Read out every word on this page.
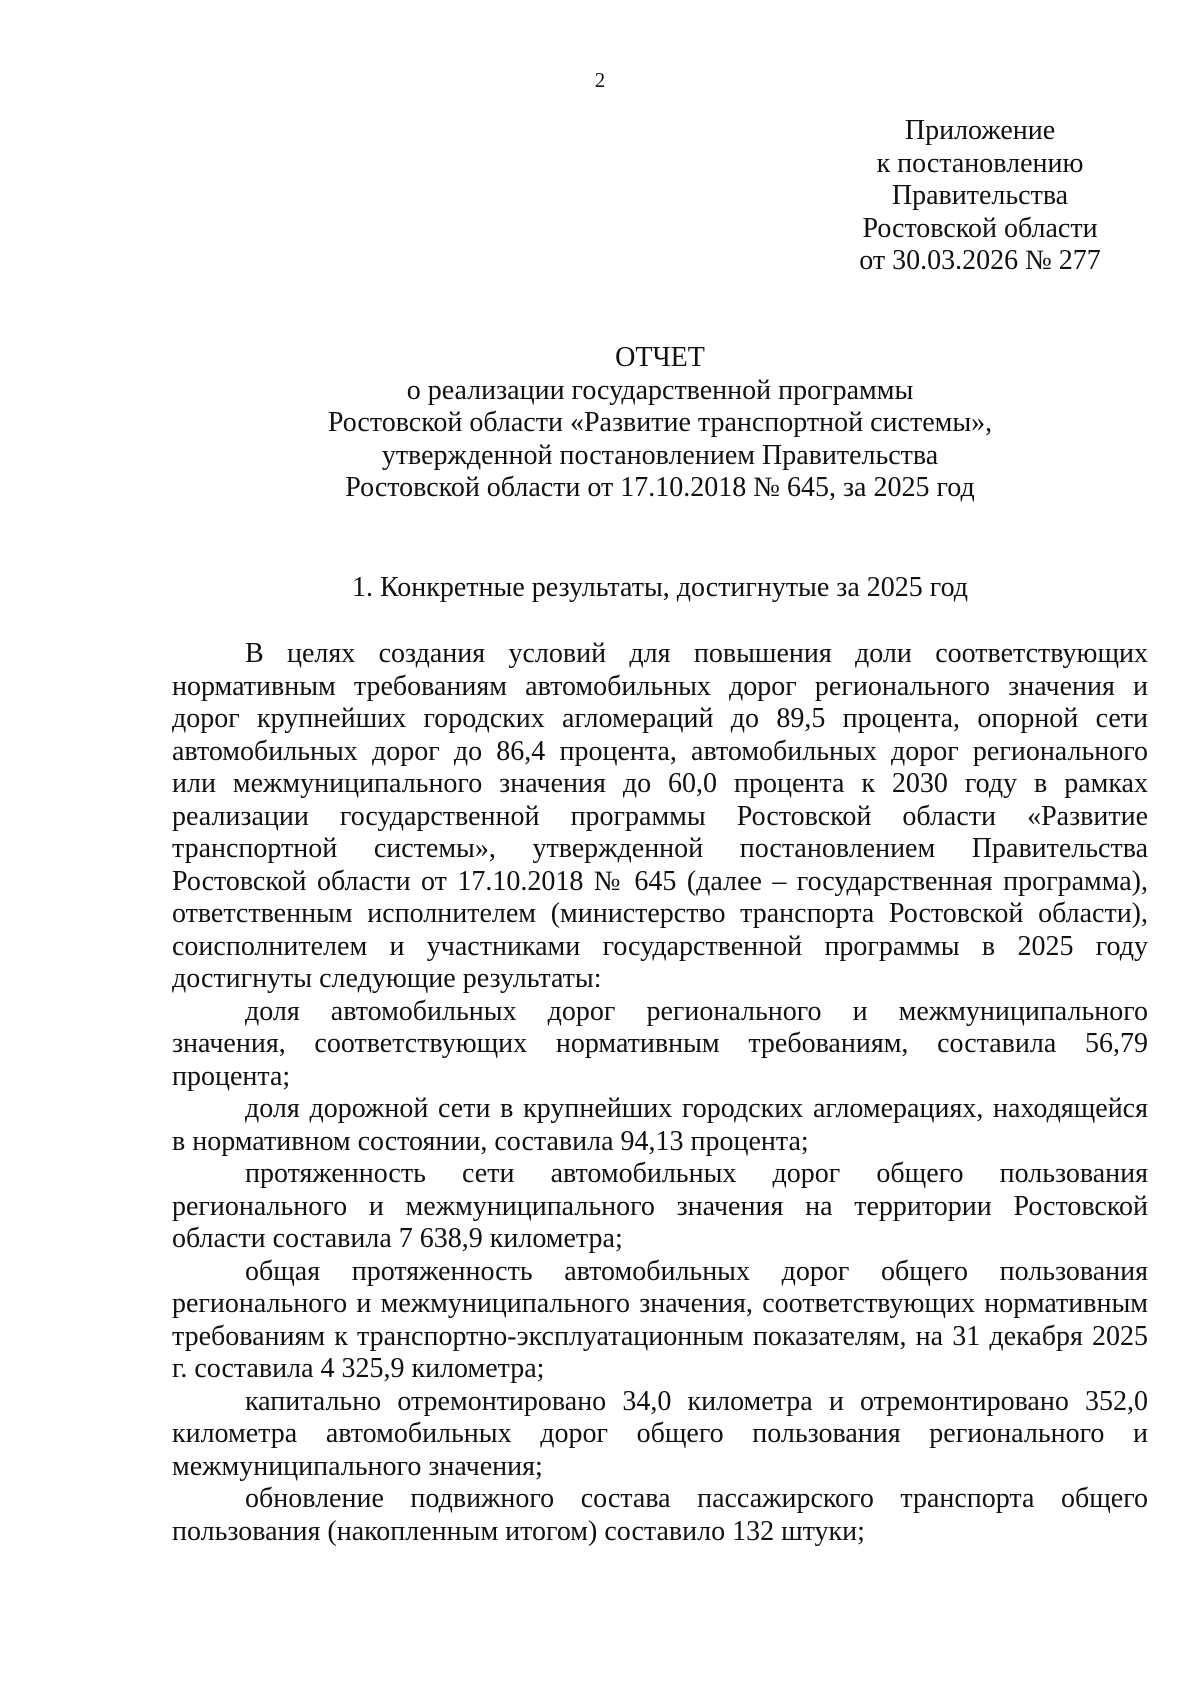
2
Приложение
к постановлению
Правительства
Ростовской области
от 30.03.2026 № 277
ОТЧЕТ
о реализации государственной программы
Ростовской области «Развитие транспортной системы»,
утвержденной постановлением Правительства
Ростовской области от 17.10.2018 № 645, за 2025 год
1. Конкретные результаты, достигнутые за 2025 год

В целях создания условий для повышения доли соответствующих нормативным требованиям автомобильных дорог регионального значения и дорог крупнейших городских агломераций до 89,5 процента, опорной сети автомобильных дорог до 86,4 процента, автомобильных дорог регионального или межмуниципального значения до 60,0 процента к 2030 году в рамках реализации государственной программы Ростовской области «Развитие транспортной системы», утвержденной постановлением Правительства Ростовской области от 17.10.2018 № 645 (далее – государственная программа), ответственным исполнителем (министерство транспорта Ростовской области), соисполнителем и участниками государственной программы в 2025 году достигнуты следующие результаты:

доля автомобильных дорог регионального и межмуниципального значения, соответствующих нормативным требованиям, составила 56,79 процента;

доля дорожной сети в крупнейших городских агломерациях, находящейся в нормативном состоянии, составила 94,13 процента;

протяженность сети автомобильных дорог общего пользования регионального и межмуниципального значения на территории Ростовской области составила 7 638,9 километра;

общая протяженность автомобильных дорог общего пользования регионального и межмуниципального значения, соответствующих нормативным требованиям к транспортно-эксплуатационным показателям, на 31 декабря 2025 г. составила 4 325,9 километра;

капитально отремонтировано 34,0 километра и отремонтировано 352,0 километра автомобильных дорог общего пользования регионального и межмуниципального значения;

обновление подвижного состава пассажирского транспорта общего пользования (накопленным итогом) составило 132 штуки;
